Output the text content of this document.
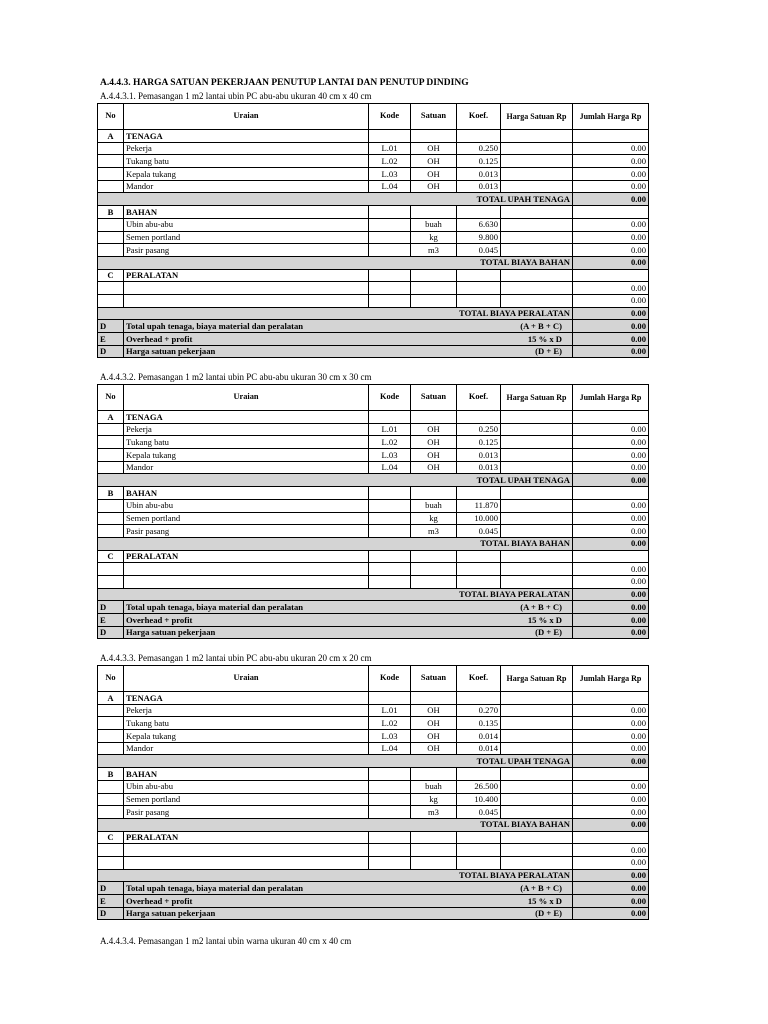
A.4.4.3. HARGA SATUAN PEKERJAAN PENUTUP LANTAI DAN PENUTUP DINDING
A.4.4.3.1. Pemasangan 1 m2 lantai ubin PC abu-abu ukuran 40 cm x 40 cm
No	Uraian	Kode	Satuan	Koef.	Harga Satuan Rp	Jumlah Harga Rp
A	TENAGA					
	Pekerja	L.01	OH	0.250		0.00
	Tukang batu	L.02	OH	0.125		0.00
	Kepala tukang	L.03	OH	0.013		0.00
	Mandor	L.04	OH	0.013		0.00
TOTAL UPAH TENAGA						0.00
B	BAHAN					
	Ubin abu-abu		buah	6.630		0.00
	Semen portland		kg	9.800		0.00
	Pasir pasang		m3	0.045		0.00
TOTAL BIAYA BAHAN						0.00
C	PERALATAN					
						0.00
						0.00
TOTAL BIAYA PERALATAN						0.00
D	Total upah tenaga, biaya material dan peralatan			(A + B + C)		0.00
E	Overhead + profit			15 % x D		0.00
D	Harga satuan pekerjaan			(D + E)		0.00
A.4.4.3.2. Pemasangan 1 m2 lantai ubin PC abu-abu ukuran 30 cm x 30 cm
No	Uraian	Kode	Satuan	Koef.	Harga Satuan Rp	Jumlah Harga Rp
A	TENAGA					
	Pekerja	L.01	OH	0.250		0.00
	Tukang batu	L.02	OH	0.125		0.00
	Kepala tukang	L.03	OH	0.013		0.00
	Mandor	L.04	OH	0.013		0.00
TOTAL UPAH TENAGA						0.00
B	BAHAN					
	Ubin abu-abu		buah	11.870		0.00
	Semen portland		kg	10.000		0.00
	Pasir pasang		m3	0.045		0.00
TOTAL BIAYA BAHAN						0.00
C	PERALATAN					
						0.00
						0.00
TOTAL BIAYA PERALATAN						0.00
D	Total upah tenaga, biaya material dan peralatan			(A + B + C)		0.00
E	Overhead + profit			15 % x D		0.00
D	Harga satuan pekerjaan			(D + E)		0.00
A.4.4.3.3. Pemasangan 1 m2 lantai ubin PC abu-abu ukuran 20 cm x 20 cm
No	Uraian	Kode	Satuan	Koef.	Harga Satuan Rp	Jumlah Harga Rp
A	TENAGA					
	Pekerja	L.01	OH	0.270		0.00
	Tukang batu	L.02	OH	0.135		0.00
	Kepala tukang	L.03	OH	0.014		0.00
	Mandor	L.04	OH	0.014		0.00
TOTAL UPAH TENAGA						0.00
B	BAHAN					
	Ubin abu-abu		buah	26.500		0.00
	Semen portland		kg	10.400		0.00
	Pasir pasang		m3	0.045		0.00
TOTAL BIAYA BAHAN						0.00
C	PERALATAN					
						0.00
						0.00
TOTAL BIAYA PERALATAN						0.00
D	Total upah tenaga, biaya material dan peralatan			(A + B + C)		0.00
E	Overhead + profit			15 % x D		0.00
D	Harga satuan pekerjaan			(D + E)		0.00
A.4.4.3.4. Pemasangan 1 m2 lantai ubin warna ukuran 40 cm x 40 cm
